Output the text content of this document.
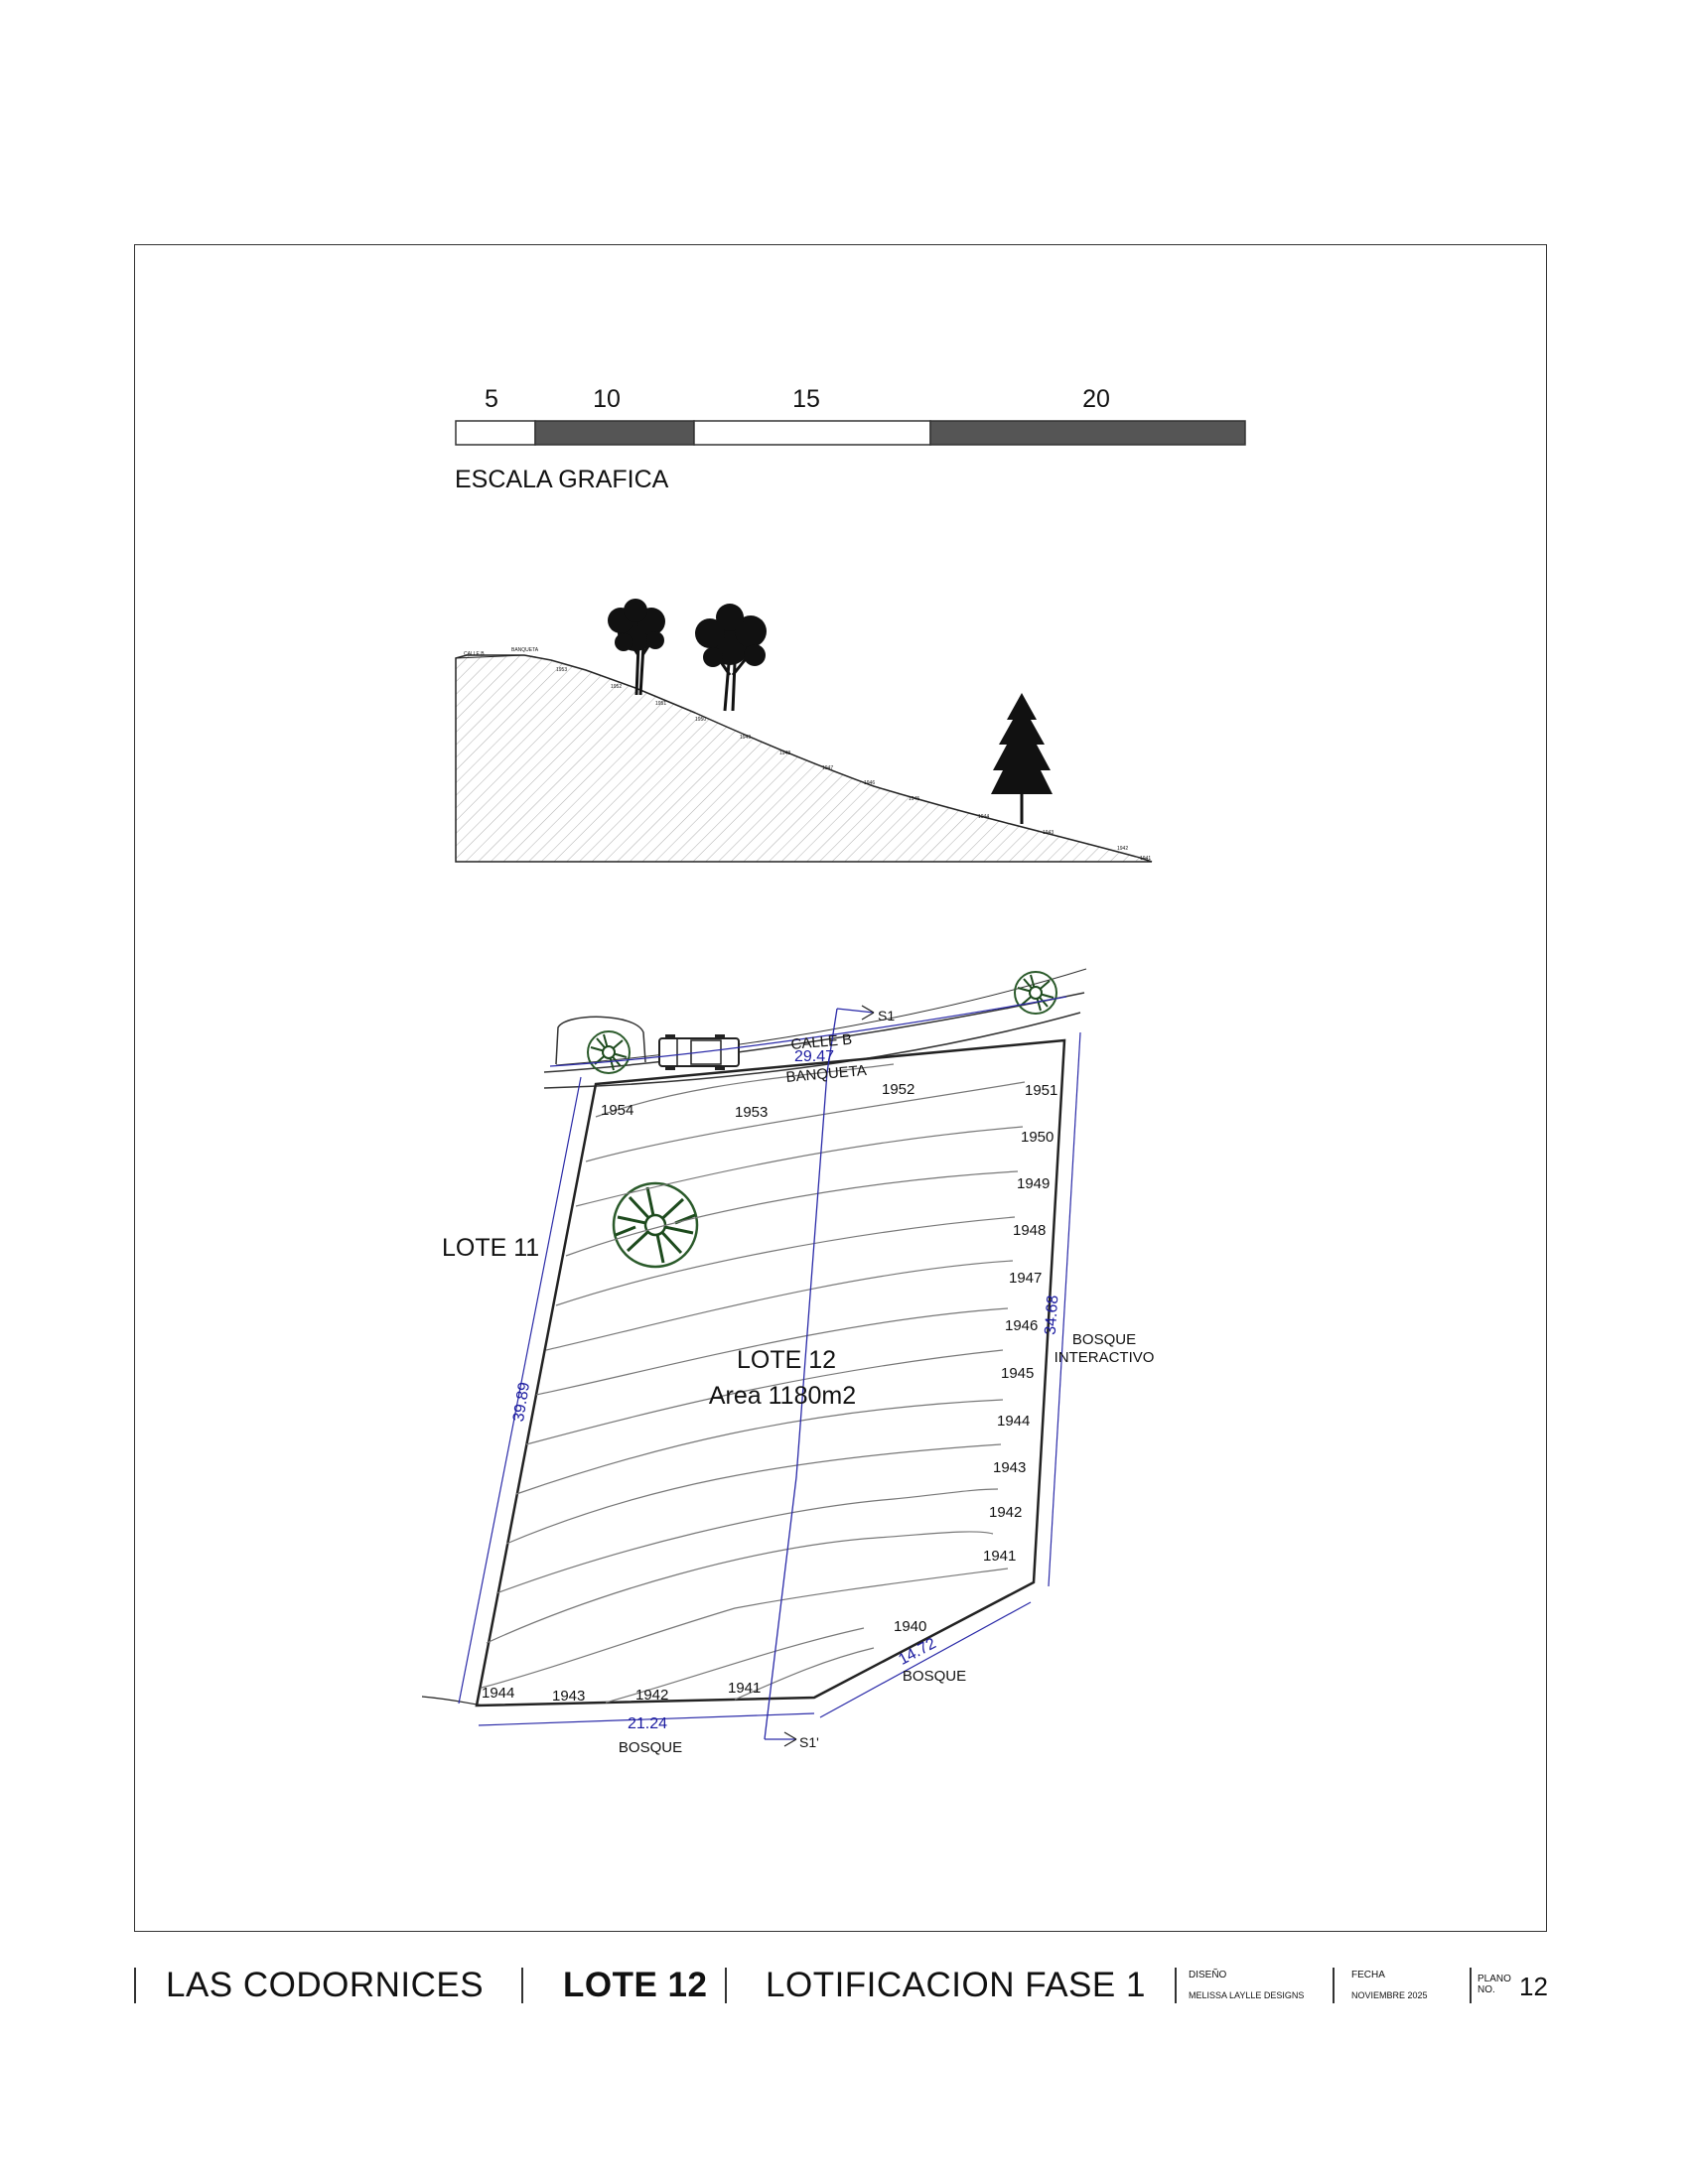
5	10	15	20
ESCALA GRAFICA
CALLE B
BANQUETA
1953
1952
1951
1950
1949
1948
1947
1946
1945
1944
1943
1942
1941
29.47
39.89
34.68
21.24
14.72
CALLE B
BANQUETA
S1
S1'
1954	1953
1952	1951
1950
1949
1948
1947
1946
1945
1944
1943
1942
1941
1944	1943	1942	1941
1940
LOTE 11
LOTE 12
Area 1180m2
BOSQUE
INTERACTIVO
BOSQUE
BOSQUE
LAS CODORNICES LOTE 12 LOTIFICACION FASE 1	DISEÑO
MELISSA LAYLLE DESIGNS
FECHA
NOVIEMBRE 2025
PLANO
NO. 12
